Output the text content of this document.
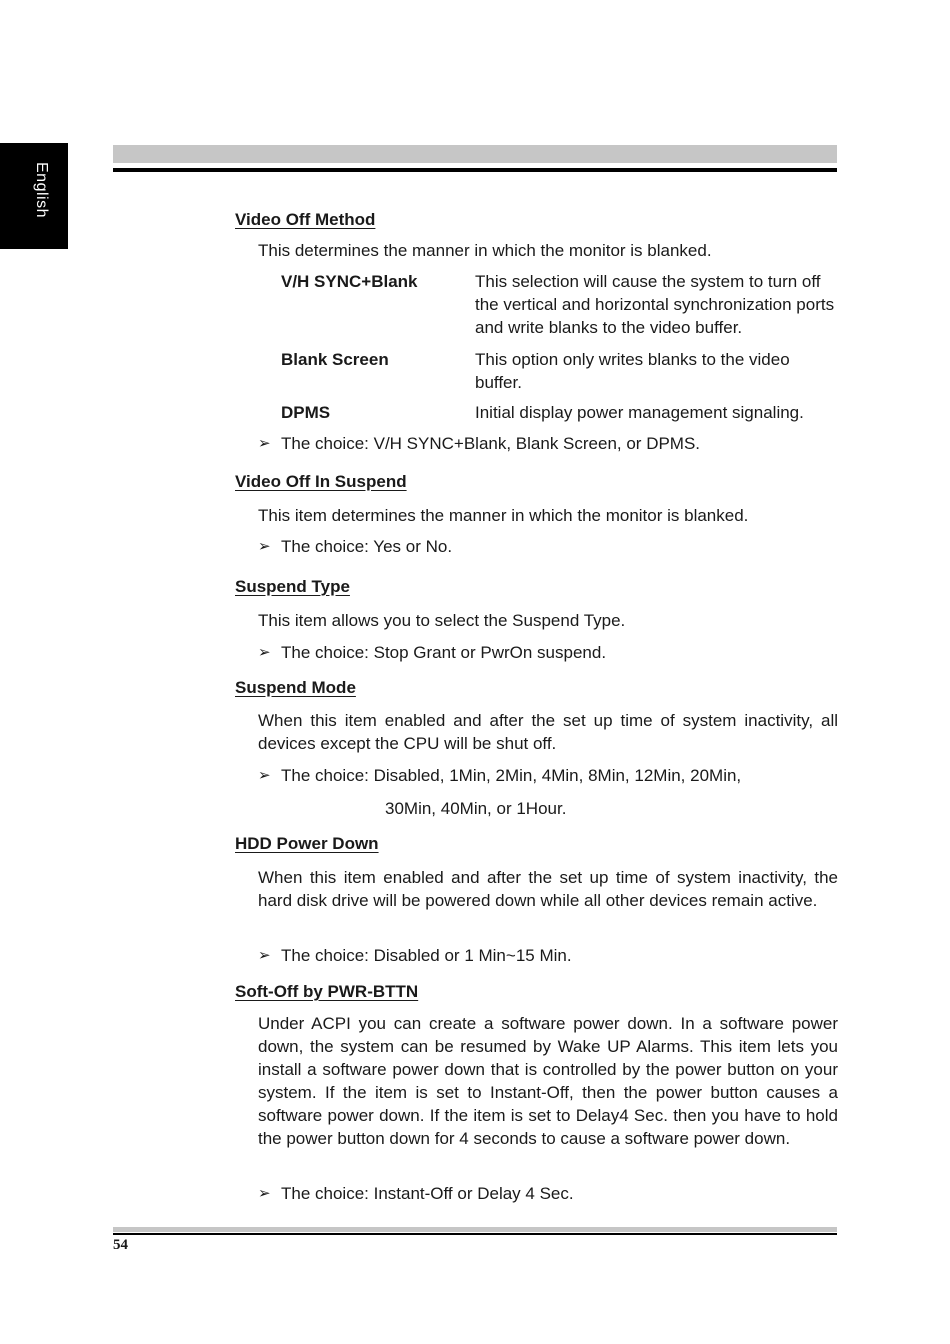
English
Video Off Method
This determines the manner in which the monitor is blanked.
V/H SYNC+Blank	This selection will cause the system to turn off the vertical and horizontal synchronization ports and write blanks to the video buffer.
Blank Screen	This option only writes blanks to the video buffer.
DPMS	Initial display power management signaling.
➢ The choice: V/H SYNC+Blank, Blank Screen, or DPMS.
Video Off In Suspend
This item determines the manner in which the monitor is blanked.
➢ The choice: Yes or No.
Suspend Type
This item allows you to select the Suspend Type.
➢ The choice: Stop Grant or PwrOn suspend.
Suspend Mode
When this item enabled and after the set up time of system inactivity, all devices except the CPU will be shut off.
➢ The choice: Disabled, 1Min, 2Min, 4Min, 8Min, 12Min, 20Min,
30Min, 40Min, or 1Hour.
HDD Power Down
When this item enabled and after the set up time of system inactivity, the hard disk drive will be powered down while all other devices remain active.
➢ The choice: Disabled or 1 Min~15 Min.
Soft-Off by PWR-BTTN
Under ACPI you can create a software power down. In a software power down, the system can be resumed by Wake UP Alarms. This item lets you install a software power down that is controlled by the power button on your system. If the item is set to Instant-Off, then the power button causes a software power down. If the item is set to Delay4 Sec. then you have to hold the power button down for 4 seconds to cause a software power down.
➢ The choice: Instant-Off or Delay 4 Sec.
54
